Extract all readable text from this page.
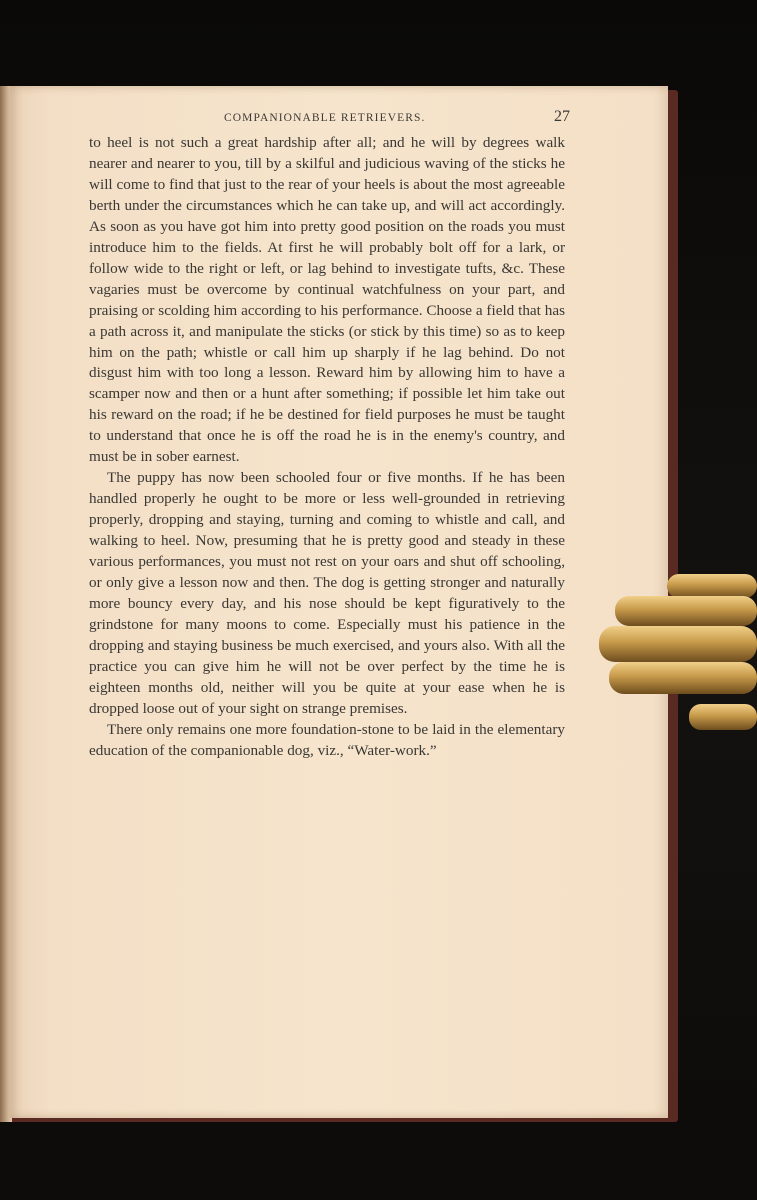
COMPANIONABLE RETRIEVERS.	27

to heel is not such a great hardship after all; and he will by degrees walk nearer and nearer to you, till by a skilful and judicious waving of the sticks he will come to find that just to the rear of your heels is about the most agreeable berth under the circumstances which he can take up, and will act accordingly. As soon as you have got him into pretty good position on the roads you must introduce him to the fields. At first he will probably bolt off for a lark, or follow wide to the right or left, or lag behind to investigate tufts, &c. These vagaries must be overcome by continual watchfulness on your part, and praising or scolding him according to his performance. Choose a field that has a path across it, and manipulate the sticks (or stick by this time) so as to keep him on the path; whistle or call him up sharply if he lag behind. Do not disgust him with too long a lesson. Reward him by allowing him to have a scamper now and then or a hunt after something; if possible let him take out his reward on the road; if he be destined for field purposes he must be taught to understand that once he is off the road he is in the enemy's country, and must be in sober earnest.

The puppy has now been schooled four or five months. If he has been handled properly he ought to be more or less well-grounded in retrieving properly, dropping and staying, turning and coming to whistle and call, and walking to heel. Now, presuming that he is pretty good and steady in these various performances, you must not rest on your oars and shut off schooling, or only give a lesson now and then. The dog is getting stronger and naturally more bouncy every day, and his nose should be kept figuratively to the grindstone for many moons to come. Especially must his patience in the dropping and staying business be much exercised, and yours also. With all the practice you can give him he will not be over perfect by the time he is eighteen months old, neither will you be quite at your ease when he is dropped loose out of your sight on strange premises.

There only remains one more foundation-stone to be laid in the elementary education of the companionable dog, viz., “Water-work.”
